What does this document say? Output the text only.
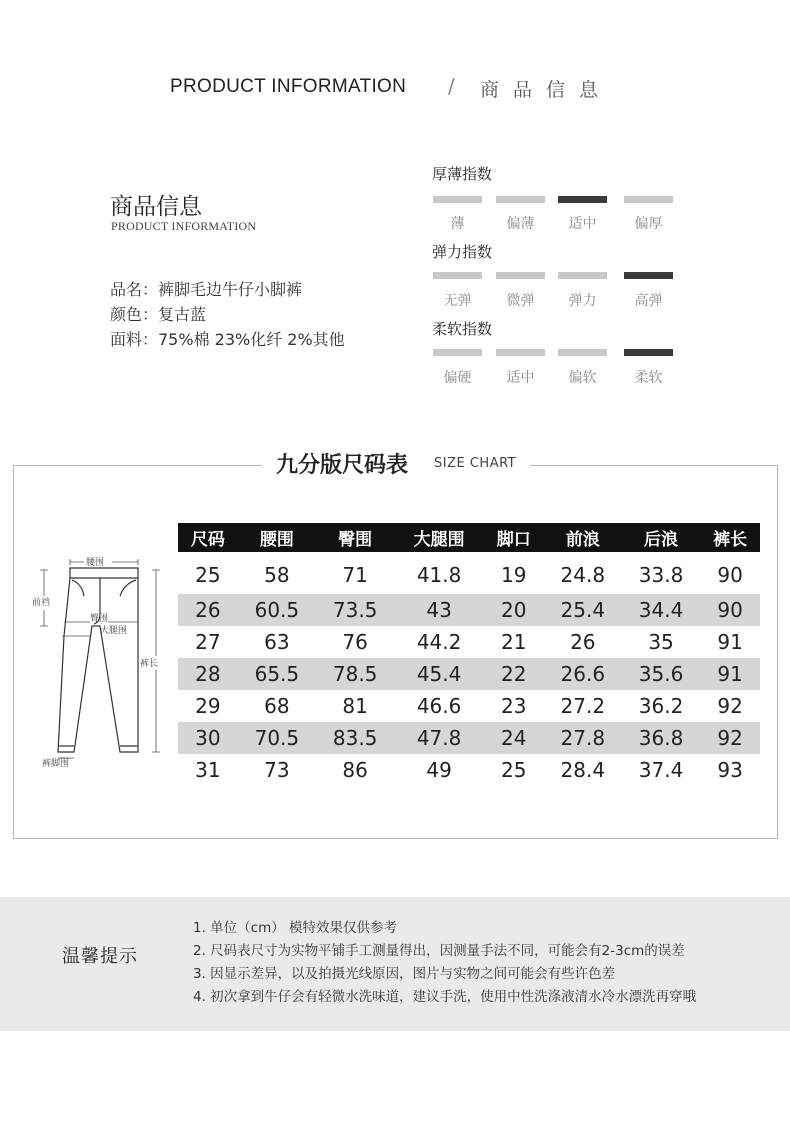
PRODUCT INFORMATION / 商品信息
商品信息
PRODUCT INFORMATION
品名：裤脚毛边牛仔小脚裤
颜色：复古蓝
面料：75%棉 23%化纤 2%其他
厚薄指数
薄	偏薄	适中	偏厚
弹力指数
无弹	微弹	弹力	高弹
柔软指数
偏硬	适中	偏软	柔软
九分版尺码表 SIZE CHART
腰围
前裆
臀围
大腿围
裤长
裤脚围
尺码	腰围	臀围	大腿围	脚口	前浪	后浪	裤长
25	58	71	41.8	19	24.8	33.8	90
26	60.5	73.5	43	20	25.4	34.4	90
27	63	76	44.2	21	26	35	91
28	65.5	78.5	45.4	22	26.6	35.6	91
29	68	81	46.6	23	27.2	36.2	92
30	70.5	83.5	47.8	24	27.8	36.8	92
31	73	86	49	25	28.4	37.4	93
温馨提示
1. 单位（cm） 模特效果仅供参考
2. 尺码表尺寸为实物平铺手工测量得出，因测量手法不同，可能会有2-3cm的误差
3. 因显示差异，以及拍摄光线原因，图片与实物之间可能会有些许色差
4. 初次拿到牛仔会有轻微水洗味道，建议手洗，使用中性洗涤液清水冷水漂洗再穿哦
